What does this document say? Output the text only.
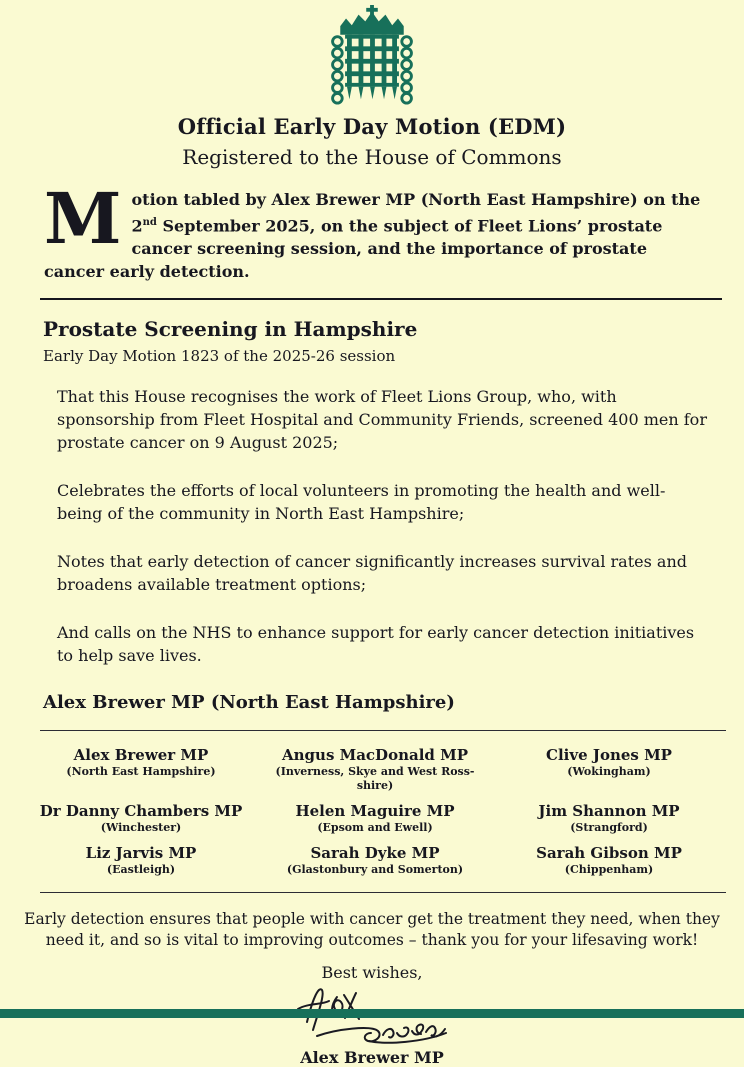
Official Early Day Motion (EDM)
Registered to the House of Commons
Motion tabled by Alex Brewer MP (North East Hampshire) on the 2nd September 2025, on the subject of Fleet Lions’ prostate cancer screening session, and the importance of prostate cancer early detection.
Prostate Screening in Hampshire
Early Day Motion 1823 of the 2025-26 session
That this House recognises the work of Fleet Lions Group, who, with sponsorship from Fleet Hospital and Community Friends, screened 400 men for prostate cancer on 9 August 2025;
Celebrates the efforts of local volunteers in promoting the health and well-being of the community in North East Hampshire;
Notes that early detection of cancer significantly increases survival rates and broadens available treatment options;
And calls on the NHS to enhance support for early cancer detection initiatives to help save lives.
Alex Brewer MP (North East Hampshire)
Alex Brewer MP
(North East Hampshire)
Angus MacDonald MP
(Inverness, Skye and West Ross-shire)
Clive Jones MP
(Wokingham)
Dr Danny Chambers MP
(Winchester)
Helen Maguire MP
(Epsom and Ewell)
Jim Shannon MP
(Strangford)
Liz Jarvis MP
(Eastleigh)
Sarah Dyke MP
(Glastonbury and Somerton)
Sarah Gibson MP
(Chippenham)
Early detection ensures that people with cancer get the treatment they need, when they need it, and so is vital to improving outcomes – thank you for your lifesaving work!
Best wishes,
Alex Brewer MP
